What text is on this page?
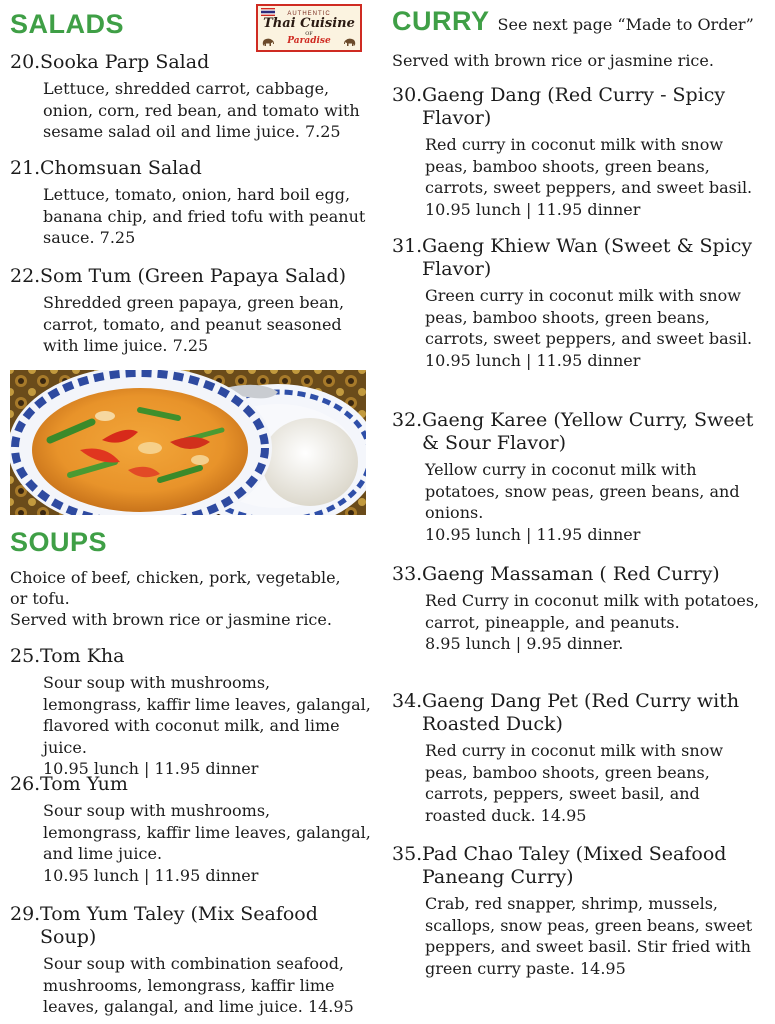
SALADS
20. Sooka Parp Salad

Lettuce, shredded carrot, cabbage, onion, corn, red bean, and tomato with sesame salad oil and lime juice. 7.25

21. Chomsuan Salad

Lettuce, tomato, onion, hard boil egg, banana chip, and fried tofu with peanut sauce. 7.25

22. Som Tum (Green Papaya Salad)

Shredded green papaya, green bean, carrot, tomato, and peanut seasoned with lime juice. 7.25

SOUPS

Choice of beef, chicken, pork, vegetable, or tofu.

Served with brown rice or jasmine rice.

25. Tom Kha

Sour soup with mushrooms, lemongrass, kaffir lime leaves, galangal, flavored with coconut milk, and lime juice.

10.95 lunch | 11.95 dinner

26. Tom Yum

Sour soup with mushrooms, lemongrass, kaffir lime leaves, galangal, and lime juice.

10.95 lunch | 11.95 dinner

29. Tom Yum Taley (Mix Seafood Soup)

Sour soup with combination seafood, mushrooms, lemongrass, kaffir lime leaves, galangal, and lime juice. 14.95

AUTHENTIC
Thai Cuisine
OF
Paradise
CURRY See next page “Made to Order”

Served with brown rice or jasmine rice.

30. Gaeng Dang (Red Curry - Spicy Flavor)

Red curry in coconut milk with snow peas, bamboo shoots, green beans, carrots, sweet peppers, and sweet basil.

10.95 lunch | 11.95 dinner

31. Gaeng Khiew Wan (Sweet & Spicy Flavor)

Green curry in coconut milk with snow peas, bamboo shoots, green beans, carrots, sweet peppers, and sweet basil.

10.95 lunch | 11.95 dinner

32. Gaeng Karee (Yellow Curry, Sweet & Sour Flavor)

Yellow curry in coconut milk with potatoes, snow peas, green beans, and onions.

10.95 lunch | 11.95 dinner

33. Gaeng Massaman ( Red Curry)

Red Curry in coconut milk with potatoes, carrot, pineapple, and peanuts.

8.95 lunch | 9.95 dinner.

34. Gaeng Dang Pet (Red Curry with Roasted Duck)

Red curry in coconut milk with snow peas, bamboo shoots, green beans, carrots, peppers, sweet basil, and roasted duck. 14.95

35. Pad Chao Taley (Mixed Seafood Paneang Curry)

Crab, red snapper, shrimp, mussels, scallops, snow peas, green beans, sweet peppers, and sweet basil. Stir fried with green curry paste. 14.95
